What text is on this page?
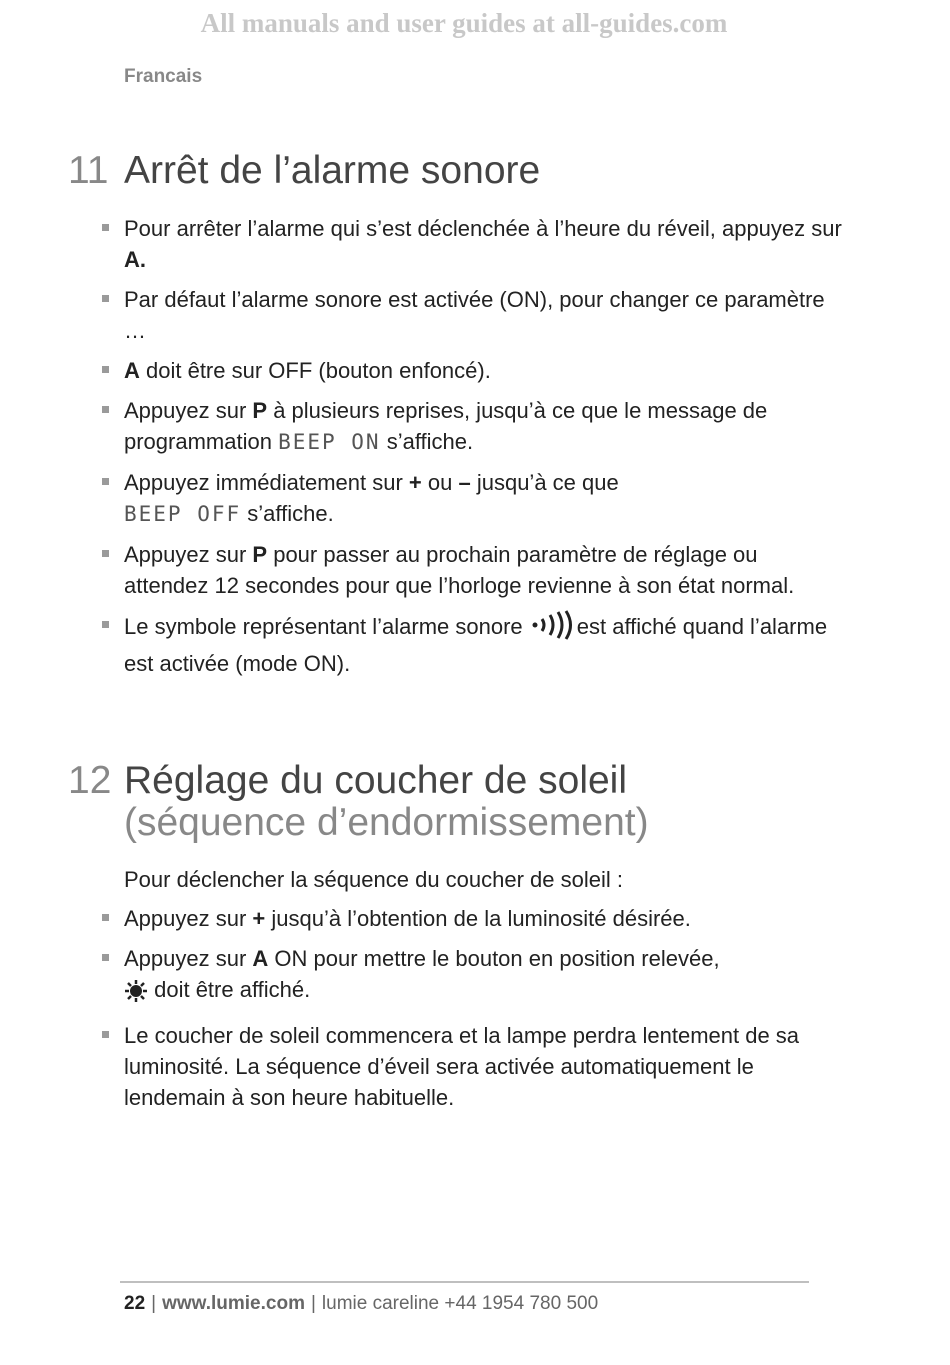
All manuals and user guides at all-guides.com
Francais
11 Arrêt de l’alarme sonore
Pour arrêter l’alarme qui s’est déclenchée à l’heure du réveil, appuyez sur A.
Par défaut l’alarme sonore est activée (ON), pour changer ce paramètre …
A doit être sur OFF (bouton enfoncé).
Appuyez sur P à plusieurs reprises, jusqu’à ce que le message de programmation BEEP ON s’affiche.
Appuyez immédiatement sur + ou – jusqu’à ce que
BEEP OFF s’affiche.
Appuyez sur P pour passer au prochain paramètre de réglage ou attendez 12 secondes pour que l’horloge revienne à son état normal.
Le symbole représentant l’alarme sonore est affiché quand l’alarme est activée (mode ON).
12 Réglage du coucher de soleil
(séquence d’endormissement)
Pour déclencher la séquence du coucher de soleil :
Appuyez sur + jusqu’à l’obtention de la luminosité désirée.
Appuyez sur A ON pour mettre le bouton en position relevée,
doit être affiché.
Le coucher de soleil commencera et la lampe perdra lentement de sa luminosité. La séquence d’éveil sera activée automatiquement le lendemain à son heure habituelle.
22 | www.lumie.com | lumie careline +44 1954 780 500
